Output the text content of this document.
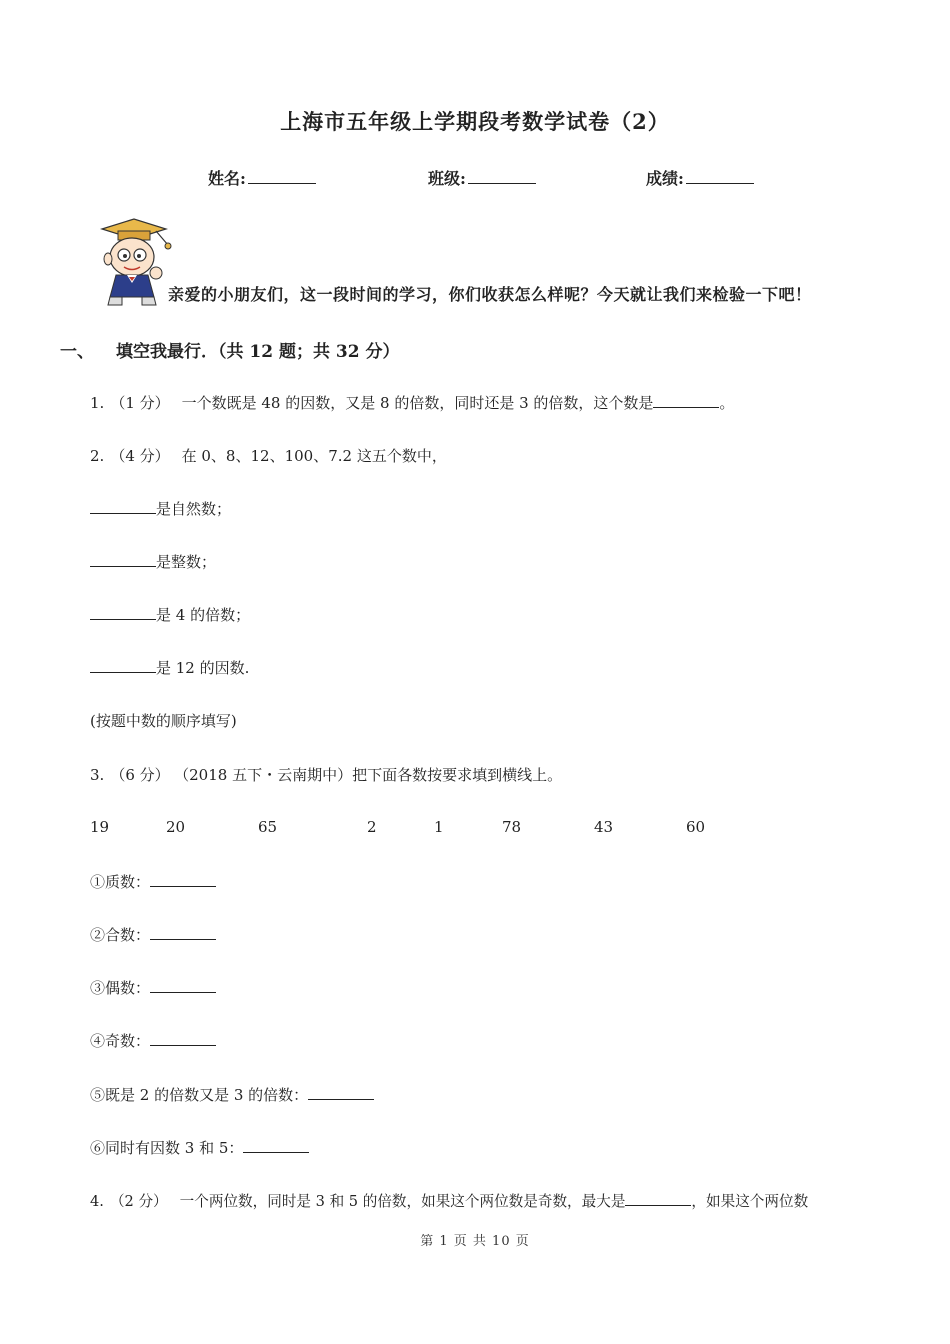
上海市五年级上学期段考数学试卷（2）
姓名:	班级:	成绩:
亲爱的小朋友们，这一段时间的学习，你们收获怎么样呢？今天就让我们来检验一下吧！
一、 填空我最行．（共 12 题；共 32 分）
1. （1 分） 一个数既是 48 的因数，又是 8 的倍数，同时还是 3 的倍数，这个数是	。
2. （4 分） 在 0、8、12、100、7.2 这五个数中，
是自然数；
是整数；
是 4 的倍数；
是 12 的因数.
(按题中数的顺序填写)
3. （6 分） （2018 五下・云南期中）把下面各数按要求填到横线上。
19	20	65	2	1	78	43	60
①质数：
②合数：
③偶数：
④奇数：
⑤既是 2 的倍数又是 3 的倍数：
⑥同时有因数 3 和 5：
4. （2 分） 一个两位数，同时是 3 和 5 的倍数，如果这个两位数是奇数，最大是	，如果这个两位数
第 1 页 共 10 页
